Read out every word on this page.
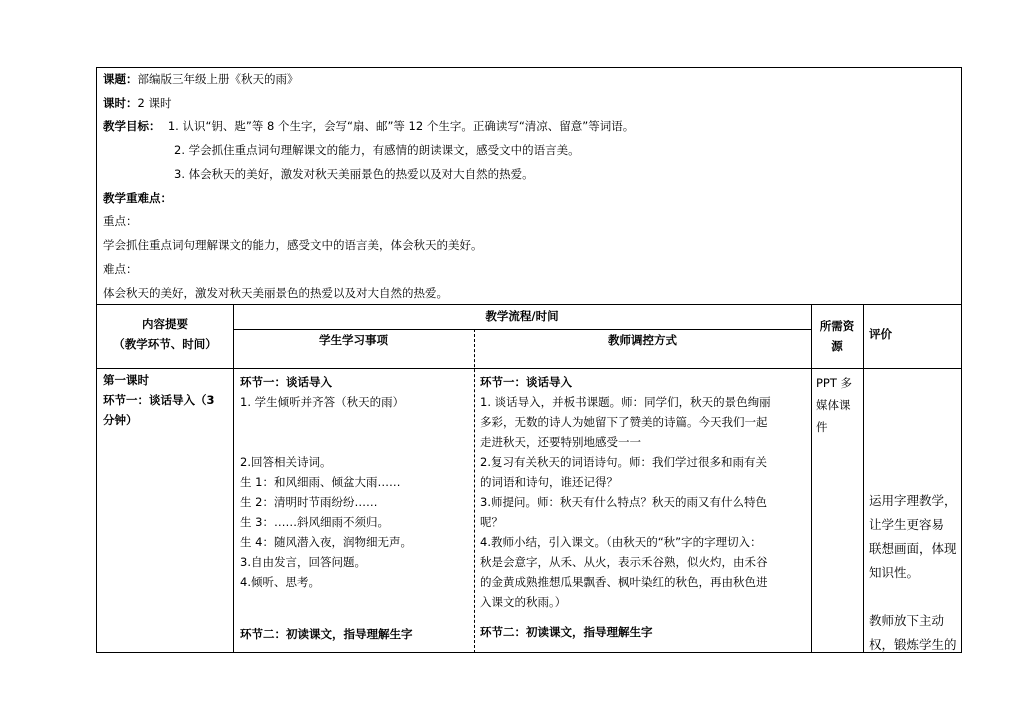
课题：部编版三年级上册《秋天的雨》
课时：2 课时
教学目标： 1. 认识“钥、匙”等 8 个生字，会写“扇、邮”等 12 个生字。正确读写“清凉、留意”等词语。
2. 学会抓住重点词句理解课文的能力，有感情的朗读课文，感受文中的语言美。
3. 体会秋天的美好，激发对秋天美丽景色的热爱以及对大自然的热爱。
教学重难点：
重点：
学会抓住重点词句理解课文的能力，感受文中的语言美，体会秋天的美好。
难点：
体会秋天的美好，激发对秋天美丽景色的热爱以及对大自然的热爱。

内容提要

（教学环节、时间）

教学流程/时间
学生学习事项	教师调控方式

所需资

源

评价

第一课时

环节一：谈话导入（3

分钟）

环节一：谈话导入

1. 学生倾听并齐答（秋天的雨）

2.回答相关诗词。

生 1：和风细雨、倾盆大雨……

生 2：清明时节雨纷纷……

生 3：……斜风细雨不须归。

生 4：随风潜入夜，润物细无声。

3.自由发言，回答问题。

4.倾听、思考。

环节二：初读课文，指导理解生字

环节一：谈话导入

1. 谈话导入，并板书课题。师：同学们，秋天的景色绚丽

多彩，无数的诗人为她留下了赞美的诗篇。今天我们一起

走进秋天，还要特别地感受一一

2.复习有关秋天的词语诗句。师：我们学过很多和雨有关

的词语和诗句，谁还记得？

3.师提问。师：秋天有什么特点？秋天的雨又有什么特色

呢？

4.教师小结，引入课文。（由秋天的“秋”字的字理切入：

秋是会意字，从禾、从火，表示禾谷熟，似火灼，由禾谷

的金黄成熟推想瓜果飘香、枫叶染红的秋色，再由秋色进

入课文的秋雨。）

环节二：初读课文，指导理解生字

PPT 多

媒体课

件

运用字理教学，

让学生更容易

联想画面，体现

知识性。

教师放下主动

权，锻炼学生的
